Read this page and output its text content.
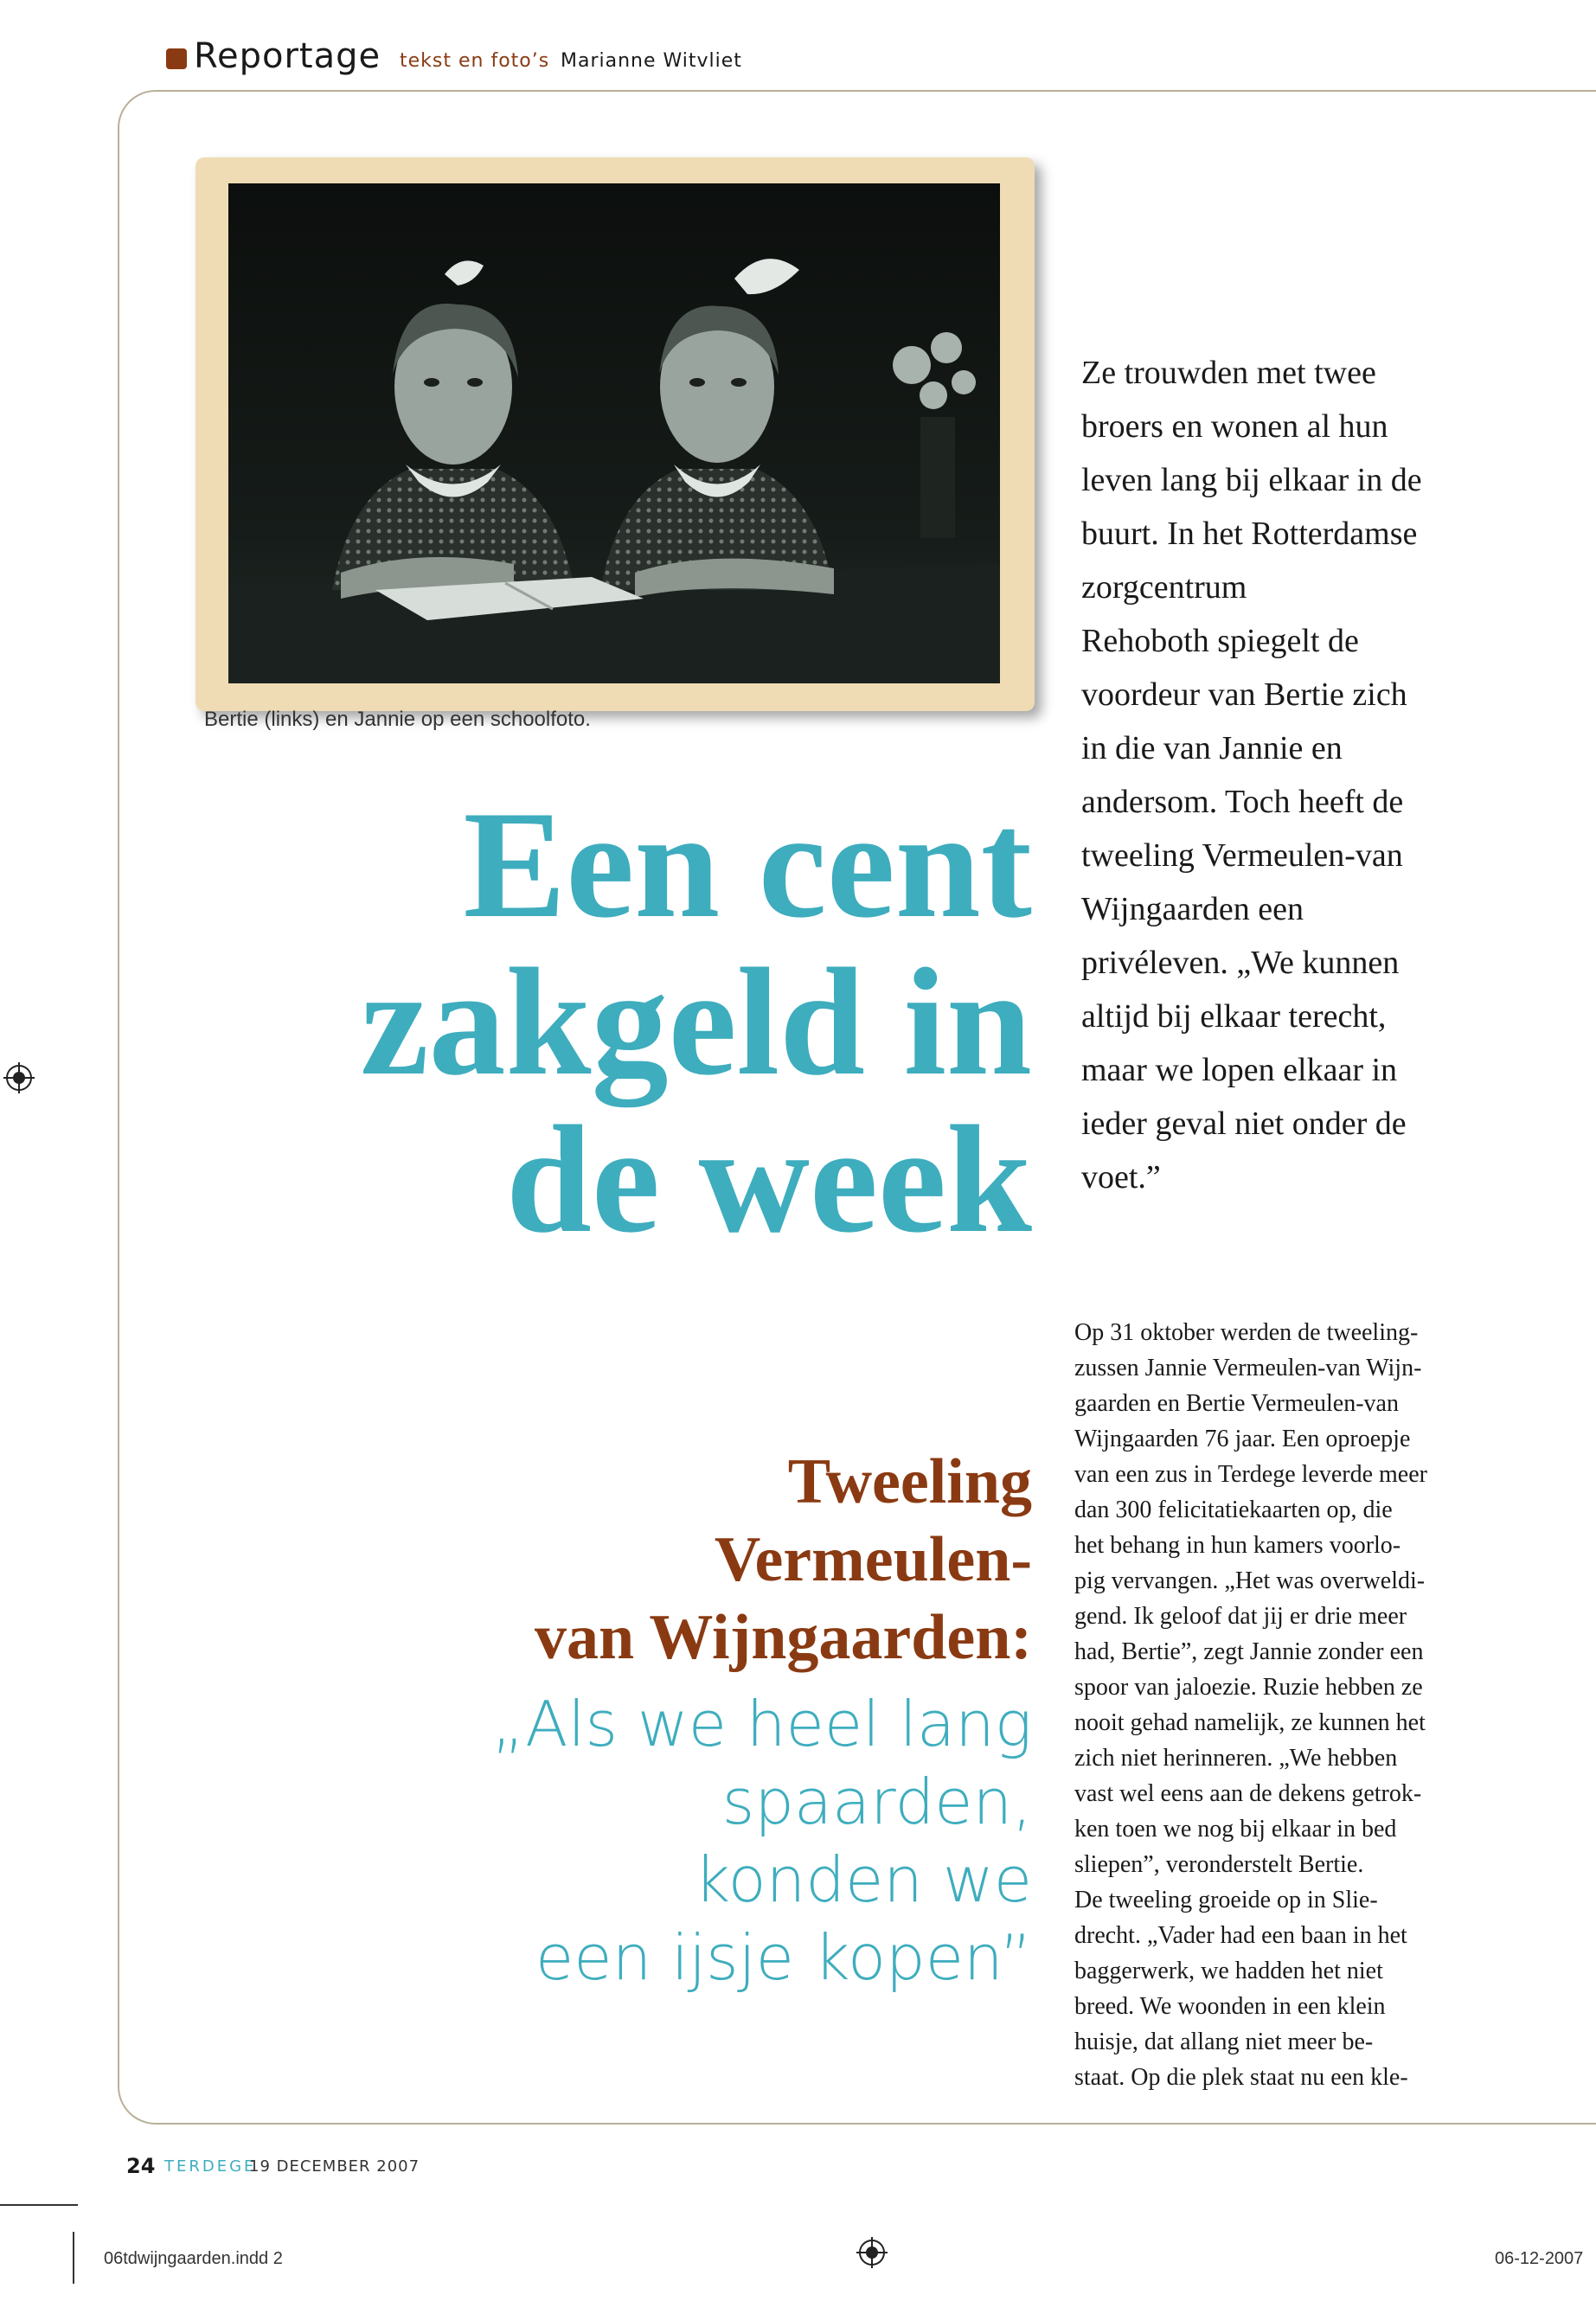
Reportage tekst en foto’s Marianne Witvliet
Bertie (links) en Jannie op een schoolfoto.
Een cent
zakgeld in
de week
Tweeling
Vermeulen-
van Wijngaarden:
„Als we heel lang
spaarden,
konden we
een ijsje kopen”
Ze trouwden met twee
broers en wonen al hun
leven lang bij elkaar in de
buurt. In het Rotterdamse
zorgcentrum
Rehoboth spiegelt de
voordeur van Bertie zich
in die van Jannie en
andersom. Toch heeft de
tweeling Vermeulen-van
Wijngaarden een
privéleven. „We kunnen
altijd bij elkaar terecht,
maar we lopen elkaar in
ieder geval niet onder de
voet.”
Op 31 oktober werden de tweeling-
zussen Jannie Vermeulen-van Wijn-
gaarden en Bertie Vermeulen-van
Wijngaarden 76 jaar. Een oproepje
van een zus in Terdege leverde meer
dan 300 felicitatiekaarten op, die
het behang in hun kamers voorlo-
pig vervangen. „Het was overweldi-
gend. Ik geloof dat jij er drie meer
had, Bertie”, zegt Jannie zonder een
spoor van jaloezie. Ruzie hebben ze
nooit gehad namelijk, ze kunnen het
zich niet herinneren. „We hebben
vast wel eens aan de dekens getrok-
ken toen we nog bij elkaar in bed
sliepen”, veronderstelt Bertie.
De tweeling groeide op in Slie-
drecht. „Vader had een baan in het
baggerwerk, we hadden het niet
breed. We woonden in een klein
huisje, dat allang niet meer be-
staat. Op die plek staat nu een kle-
24 TERDEGE
19 DECEMBER 2007
06tdwijngaarden.indd 2	06-12-2007
